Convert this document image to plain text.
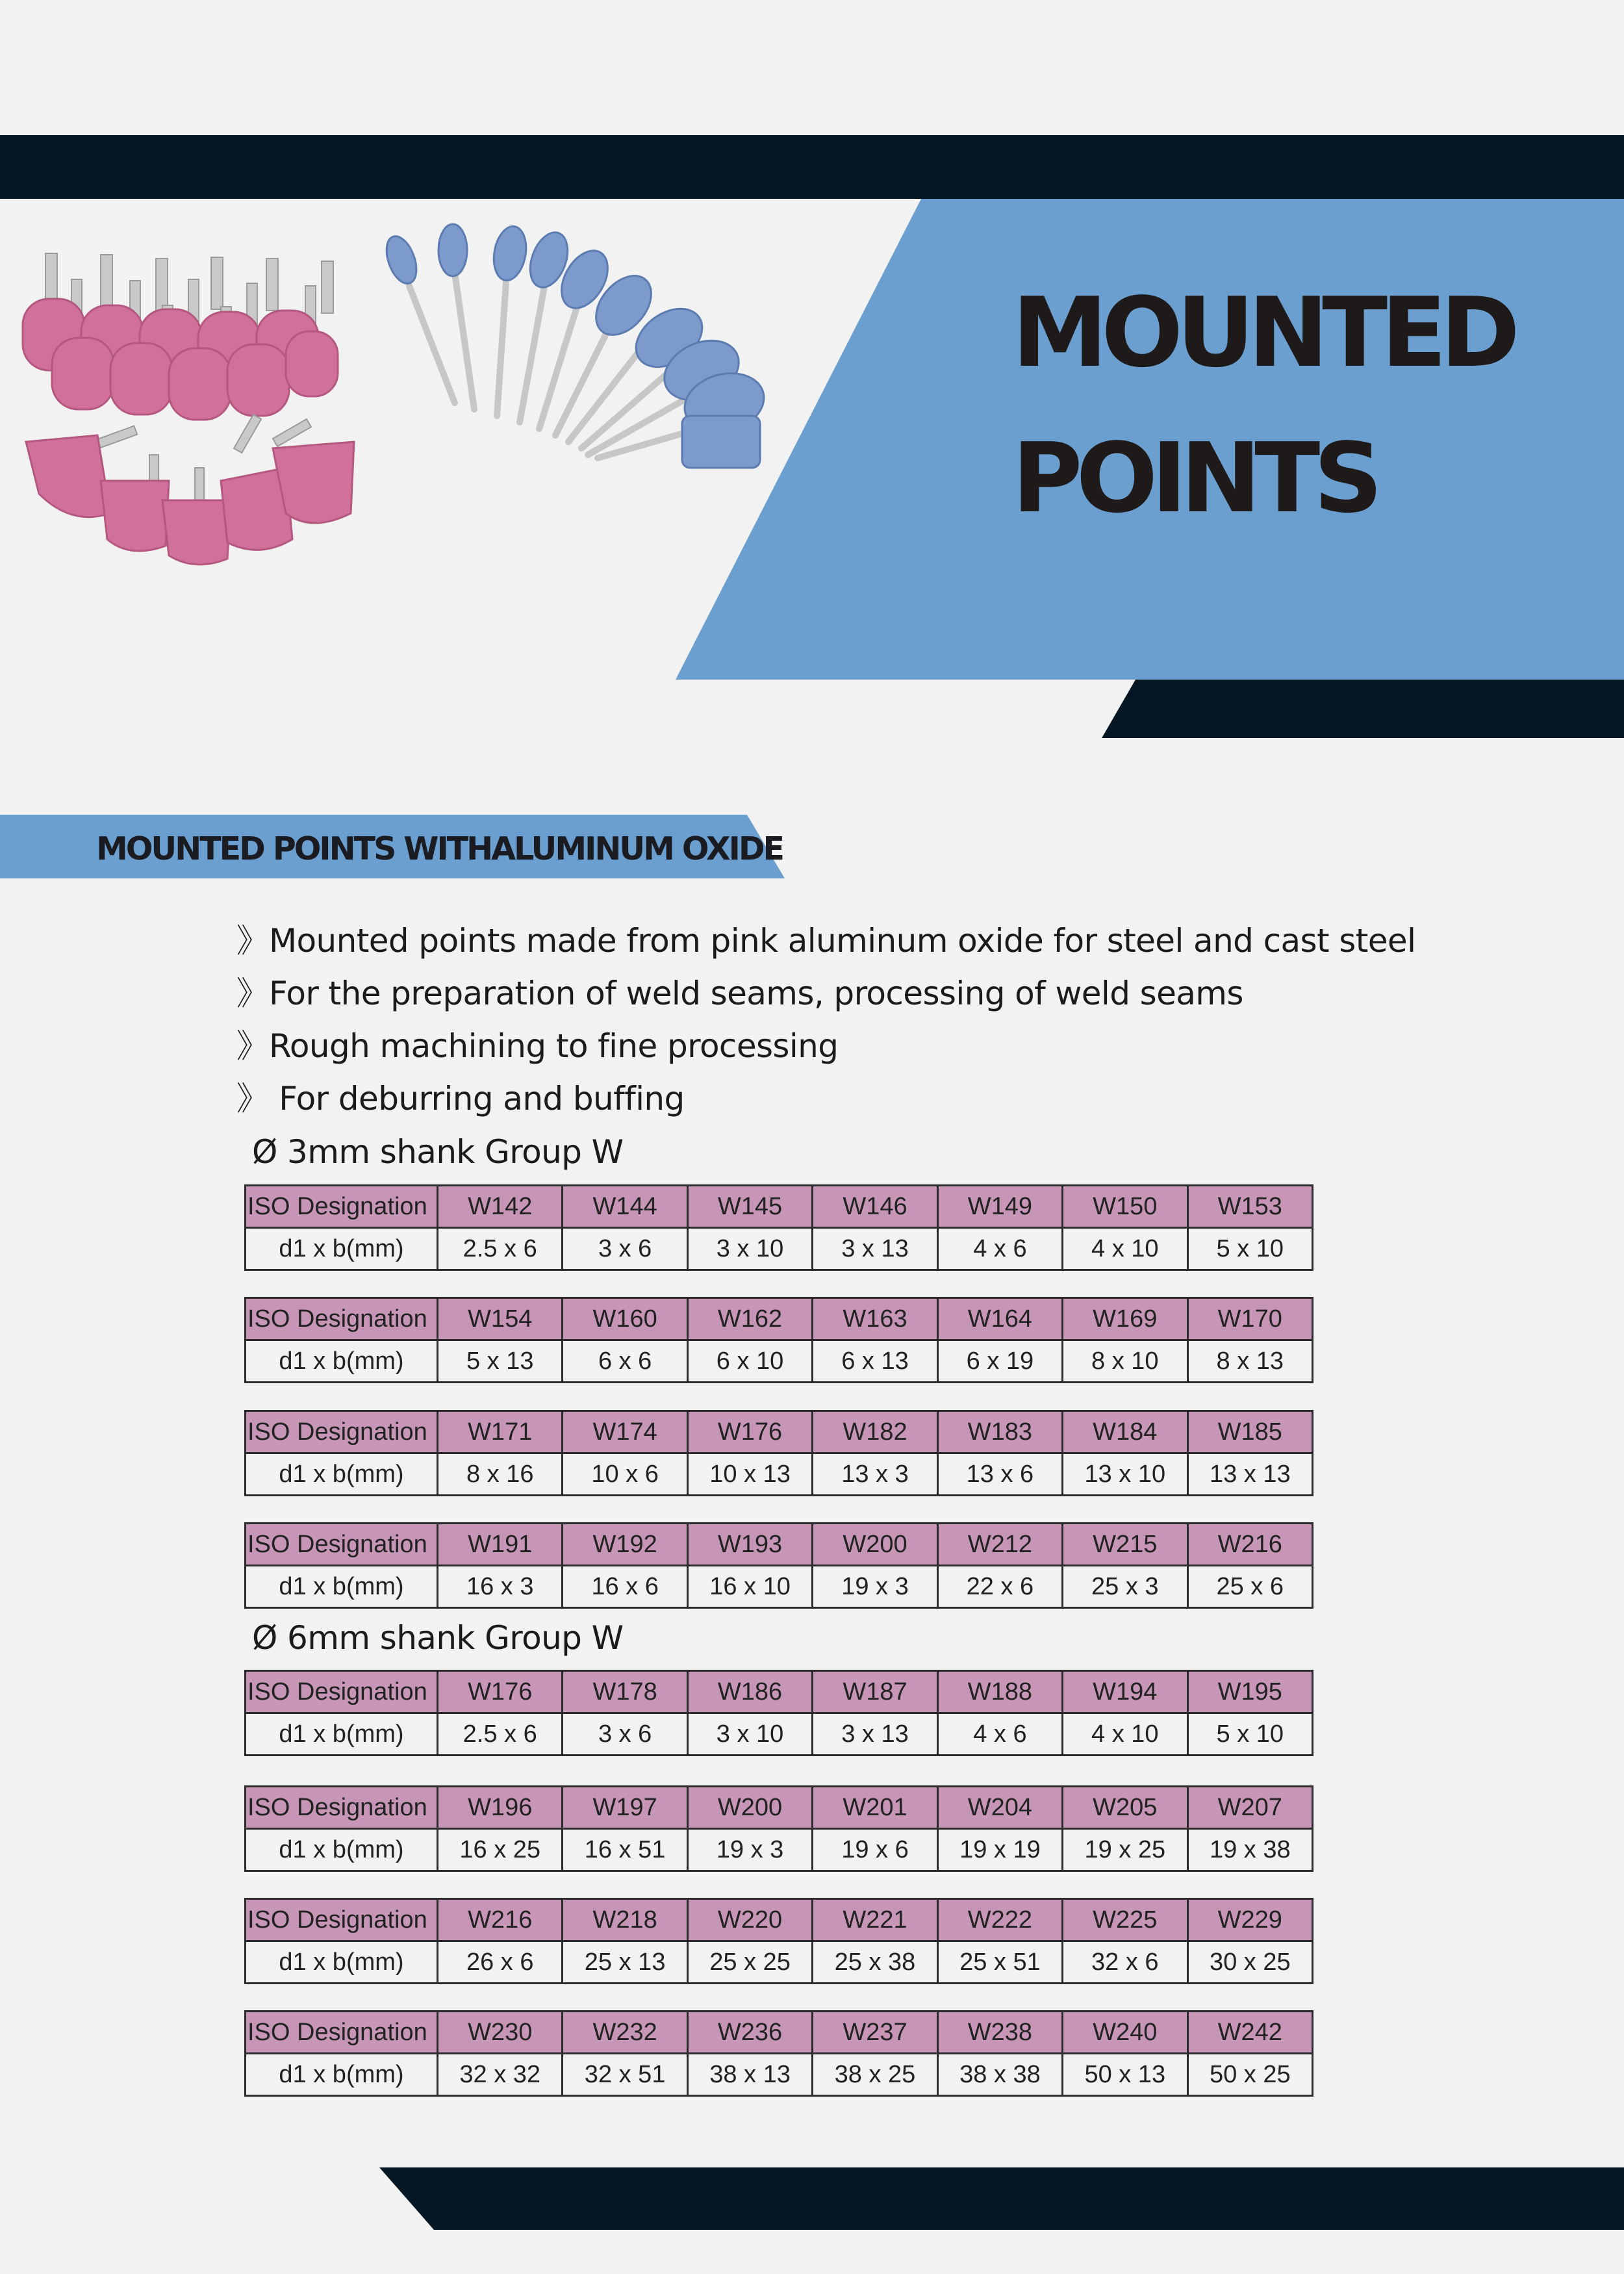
MOUNTED
POINTS
MOUNTED POINTS WITHALUMINUM OXIDE
》Mounted points made from pink aluminum oxide for steel and cast steel
》For the preparation of weld seams, processing of weld seams
》Rough machining to fine processing
》 For deburring and buffing
Ø 3mm shank Group W
Ø 6mm shank Group W
ISO Designation	W142	W144	W145	W146	W149	W150	W153
d1 x b(mm)	2.5 x 6	3 x 6	3 x 10	3 x 13	4 x 6	4 x 10	5 x 10
ISO Designation	W154	W160	W162	W163	W164	W169	W170
d1 x b(mm)	5 x 13	6 x 6	6 x 10	6 x 13	6 x 19	8 x 10	8 x 13
ISO Designation	W171	W174	W176	W182	W183	W184	W185
d1 x b(mm)	8 x 16	10 x 6	10 x 13	13 x 3	13 x 6	13 x 10	13 x 13
ISO Designation	W191	W192	W193	W200	W212	W215	W216
d1 x b(mm)	16 x 3	16 x 6	16 x 10	19 x 3	22 x 6	25 x 3	25 x 6
ISO Designation	W176	W178	W186	W187	W188	W194	W195
d1 x b(mm)	2.5 x 6	3 x 6	3 x 10	3 x 13	4 x 6	4 x 10	5 x 10
ISO Designation	W196	W197	W200	W201	W204	W205	W207
d1 x b(mm)	16 x 25	16 x 51	19 x 3	19 x 6	19 x 19	19 x 25	19 x 38
ISO Designation	W216	W218	W220	W221	W222	W225	W229
d1 x b(mm)	26 x 6	25 x 13	25 x 25	25 x 38	25 x 51	32 x 6	30 x 25
ISO Designation	W230	W232	W236	W237	W238	W240	W242
d1 x b(mm)	32 x 32	32 x 51	38 x 13	38 x 25	38 x 38	50 x 13	50 x 25
